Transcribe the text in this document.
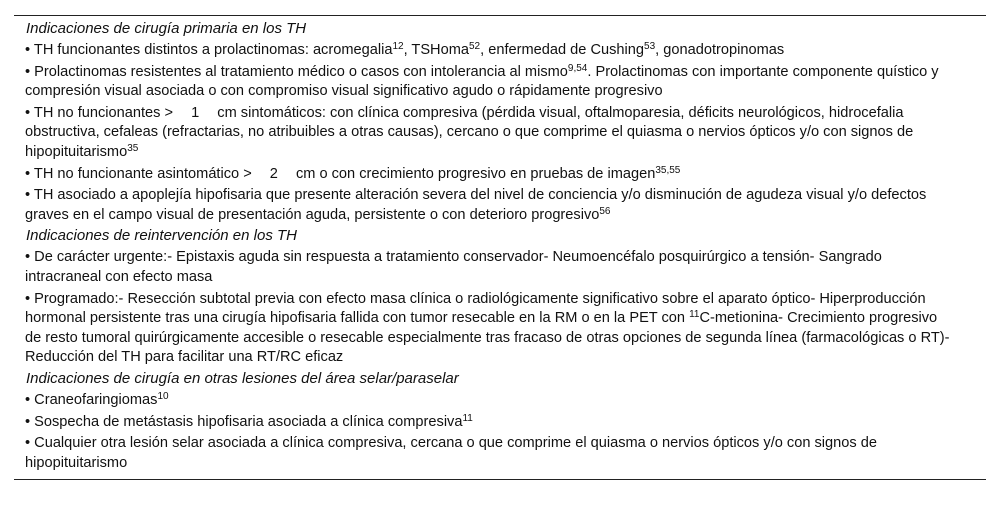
Indicaciones de cirugía primaria en los TH
• TH funcionantes distintos a prolactinomas: acromegalia$^{12}$, TSHoma$^{52}$, enfermedad de Cushing$^{53}$, gonadotropinomas
• Prolactinomas resistentes al tratamiento médico o casos con intolerancia al mismo$^{9,54}$. Prolactinomas con importante componente quístico y compresión visual asociada o con compromiso visual significativo agudo o rápidamente progresivo
• TH no funcionantes > 1 cm sintomáticos: con clínica compresiva (pérdida visual, oftalmoparesia, déficits neurológicos, hidrocefalia obstructiva, cefaleas (refractarias, no atribuibles a otras causas), cercano o que comprime el quiasma o nervios ópticos y/o con signos de hipopituitarismo$^{35}$
• TH no funcionante asintomático > 2 cm o con crecimiento progresivo en pruebas de imagen$^{35,55}$
• TH asociado a apoplejía hipofisaria que presente alteración severa del nivel de conciencia y/o disminución de agudeza visual y/o defectos graves en el campo visual de presentación aguda, persistente o con deterioro progresivo$^{56}$
Indicaciones de reintervención en los TH
• De carácter urgente:- Epistaxis aguda sin respuesta a tratamiento conservador- Neumoencéfalo posquirúrgico a tensión- Sangrado intracraneal con efecto masa
• Programado:- Resección subtotal previa con efecto masa clínica o radiológicamente significativo sobre el aparato óptico- Hiperproducción hormonal persistente tras una cirugía hipofisaria fallida con tumor resecable en la RM o en la PET con $^{11}$C-metionina- Crecimiento progresivo de resto tumoral quirúrgicamente accesible o resecable especialmente tras fracaso de otras opciones de segunda línea (farmacológicas o RT)- Reducción del TH para facilitar una RT/RC eficaz
Indicaciones de cirugía en otras lesiones del área selar/paraselar
• Craneofaringiomas$^{10}$
• Sospecha de metástasis hipofisaria asociada a clínica compresiva$^{11}$
• Cualquier otra lesión selar asociada a clínica compresiva, cercana o que comprime el quiasma o nervios ópticos y/o con signos de hipopituitarismo
